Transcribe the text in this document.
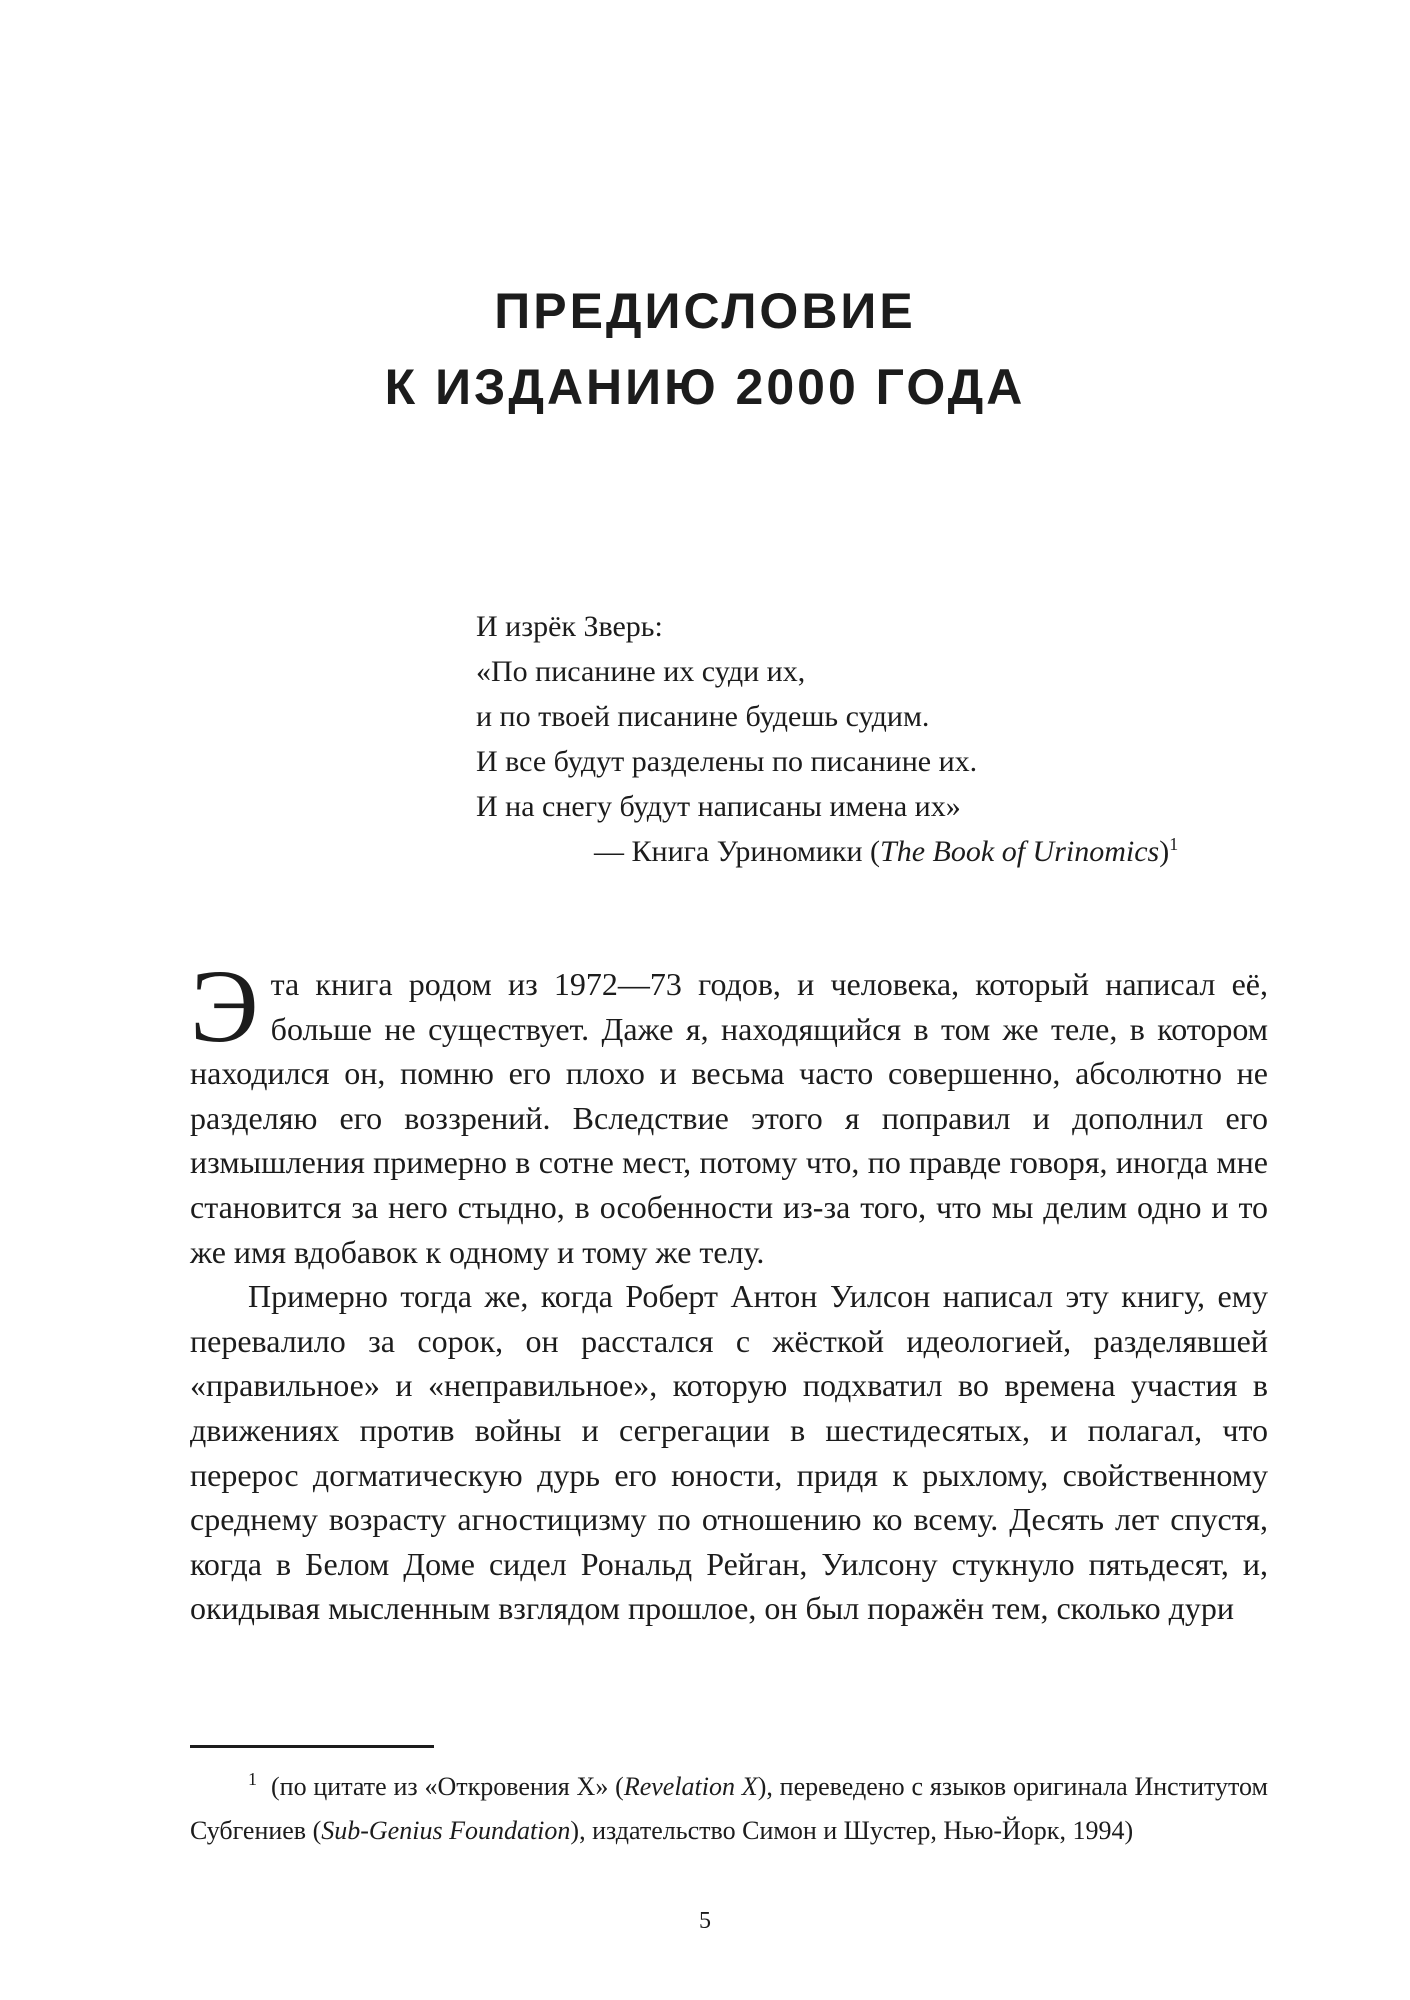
ПРЕДИСЛОВИЕ
К ИЗДАНИЮ 2000 ГОДА
И изрёк Зверь:
«По писанине их суди их,
и по твоей писанине будешь судим.
И все будут разделены по писанине их.
И на снегу будут написаны имена их»
— Книга Уриномики (The Book of Urinomics)$^1$

Эта книга родом из 1972—73 годов, и человека, который написал её, больше не существует. Даже я, находящийся в том же теле, в котором находился он, помню его плохо и весьма часто совершенно, абсолютно не разделяю его воззрений. Вследствие этого я поправил и дополнил его измышления примерно в сотне мест, потому что, по правде говоря, иногда мне становится за него стыдно, в особенности из-за того, что мы делим одно и то же имя вдобавок к одному и тому же телу.

Примерно тогда же, когда Роберт Антон Уилсон написал эту книгу, ему перевалило за сорок, он расстался с жёсткой идеологией, разделявшей «правильное» и «неправильное», которую подхватил во времена участия в движениях против войны и сегрегации в шестидесятых, и полагал, что перерос догматическую дурь его юности, придя к рыхлому, свойственному среднему возрасту агностицизму по отношению ко всему. Десять лет спустя, когда в Белом Доме сидел Рональд Рейган, Уилсону стукнуло пятьдесят, и, окидывая мысленным взглядом прошлое, он был поражён тем, сколько дури

$^1$ (по цитате из «Откровения X» (Revelation X), переведено с языков оригинала Институтом Субгениев (Sub-Genius Foundation), издательство Симон и Шустер, Нью-Йорк, 1994)
5
